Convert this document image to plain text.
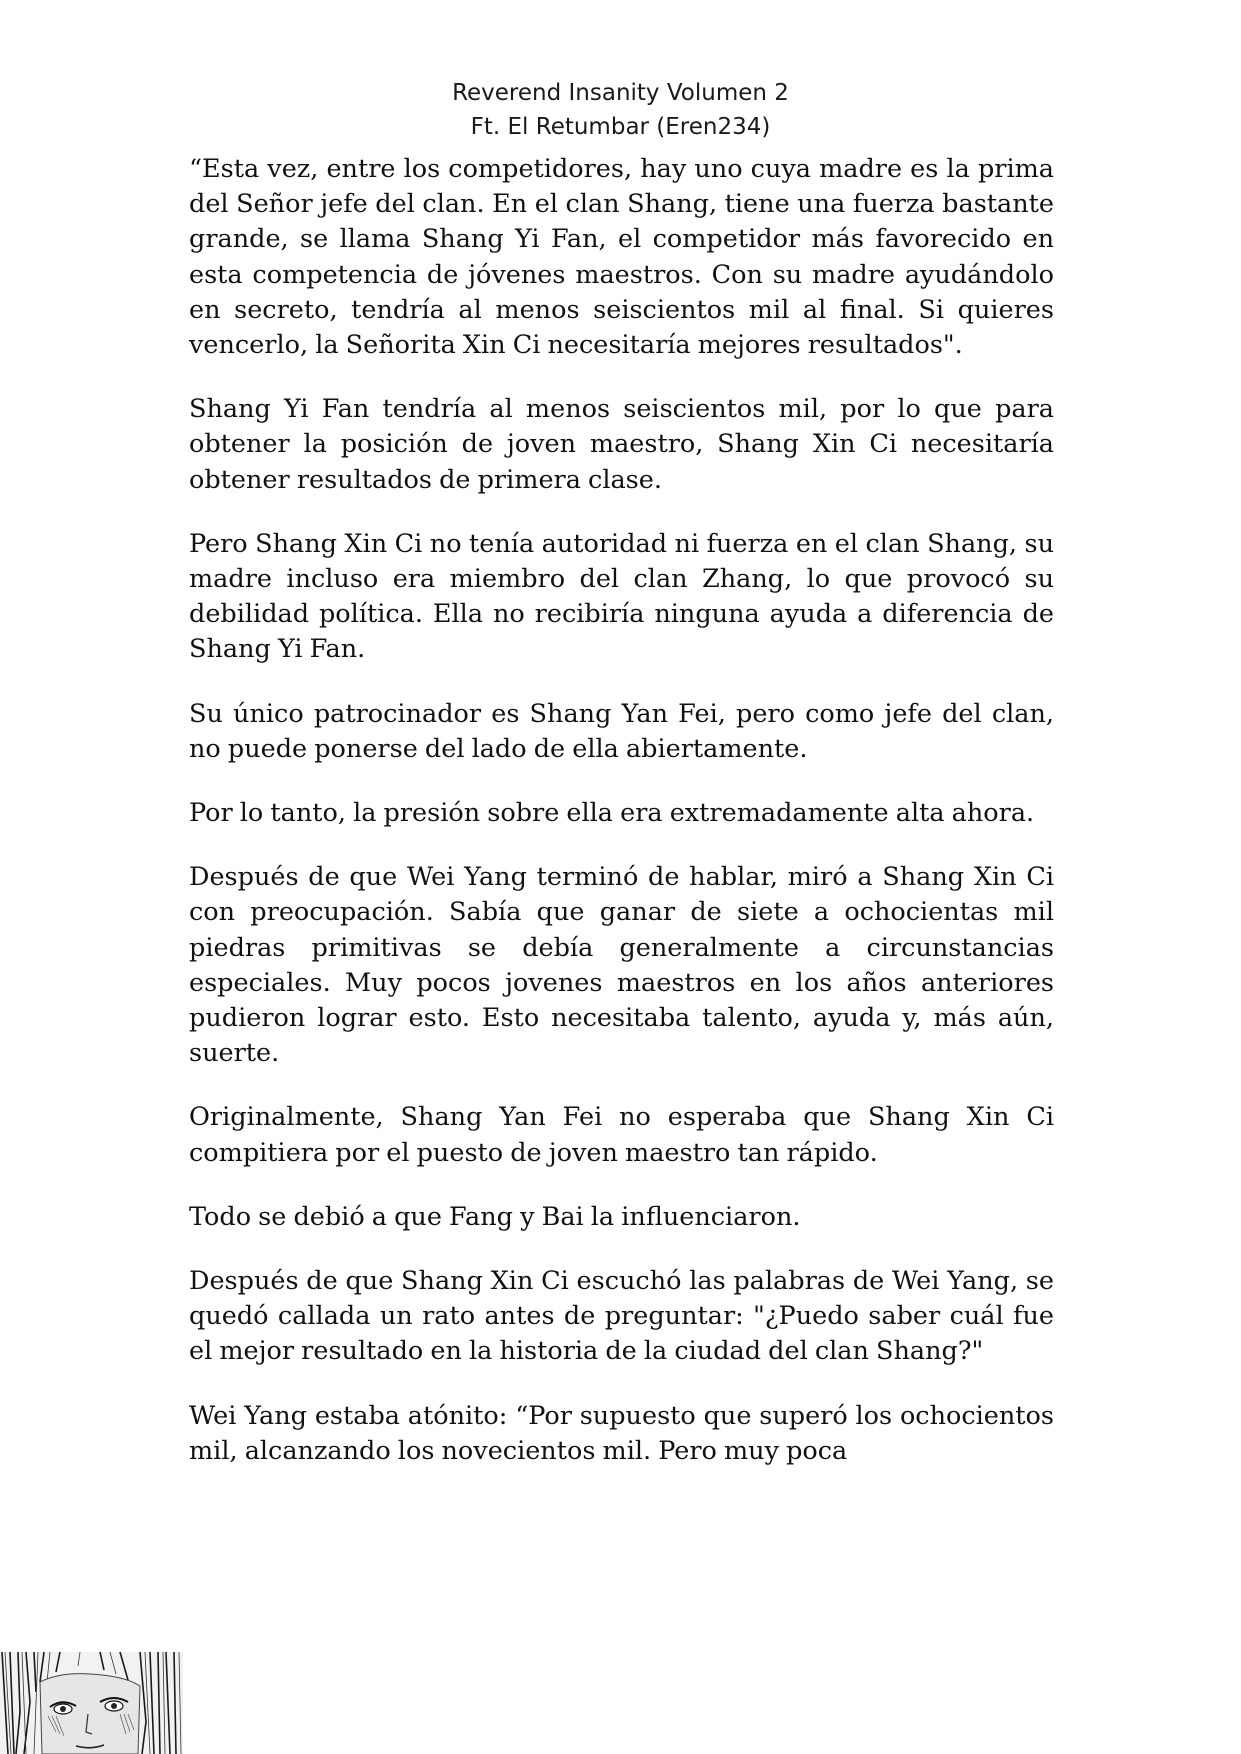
Reverend Insanity Volumen 2
Ft. El Retumbar (Eren234)

“Esta vez, entre los competidores, hay uno cuya madre es la prima del Señor jefe del clan. En el clan Shang, tiene una fuerza bastante grande, se llama Shang Yi Fan, el competidor más favorecido en esta competencia de jóvenes maestros. Con su madre ayudándolo en secreto, tendría al menos seiscientos mil al final. Si quieres vencerlo, la Señorita Xin Ci necesitaría mejores resultados".

Shang Yi Fan tendría al menos seiscientos mil, por lo que para obtener la posición de joven maestro, Shang Xin Ci necesitaría obtener resultados de primera clase.

Pero Shang Xin Ci no tenía autoridad ni fuerza en el clan Shang, su madre incluso era miembro del clan Zhang, lo que provocó su debilidad política. Ella no recibiría ninguna ayuda a diferencia de Shang Yi Fan.

Su único patrocinador es Shang Yan Fei, pero como jefe del clan, no puede ponerse del lado de ella abiertamente.

Por lo tanto, la presión sobre ella era extremadamente alta ahora.

Después de que Wei Yang terminó de hablar, miró a Shang Xin Ci con preocupación. Sabía que ganar de siete a ochocientas mil piedras primitivas se debía generalmente a circunstancias especiales. Muy pocos jovenes maestros en los años anteriores pudieron lograr esto. Esto necesitaba talento, ayuda y, más aún, suerte.

Originalmente, Shang Yan Fei no esperaba que Shang Xin Ci compitiera por el puesto de joven maestro tan rápido.

Todo se debió a que Fang y Bai la influenciaron.

Después de que Shang Xin Ci escuchó las palabras de Wei Yang, se quedó callada un rato antes de preguntar: "¿Puedo saber cuál fue el mejor resultado en la historia de la ciudad del clan Shang?"

Wei Yang estaba atónito: “Por supuesto que superó los ochocientos mil, alcanzando los novecientos mil. Pero muy poca
